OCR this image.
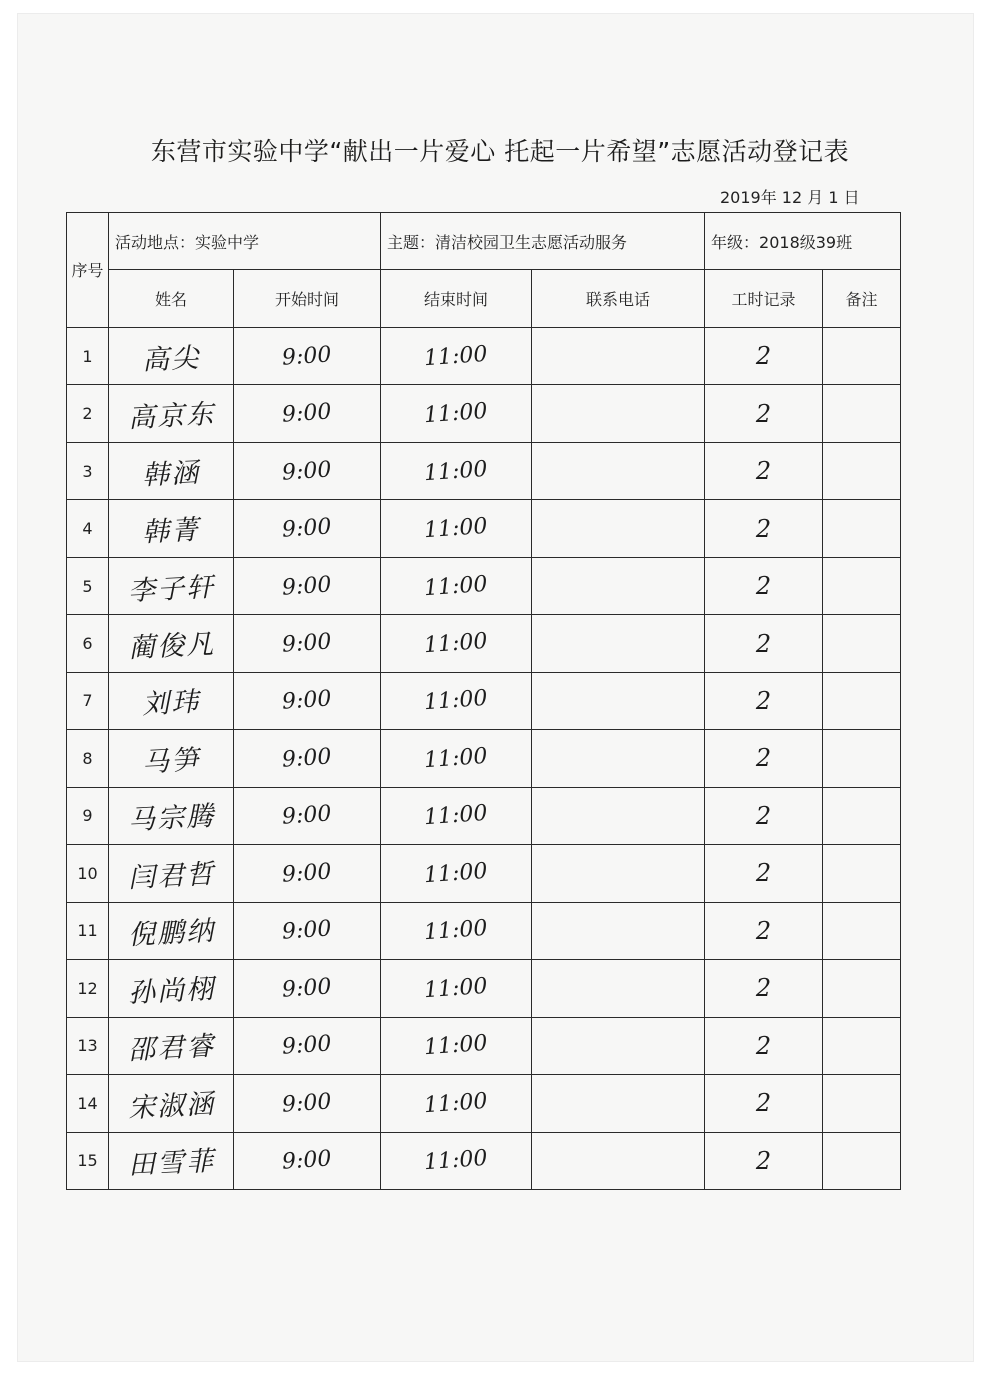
东营市实验中学“献出一片爱心 托起一片希望”志愿活动登记表
2019年 12 月 1 日
序号	活动地点：实验中学		主题：清洁校园卫生志愿活动服务		年级：2018级39班	
	姓名	开始时间	结束时间	联系电话	工时记录	备注
1	高尖	9:00	11:00		2	
2	高京东	9:00	11:00		2	
3	韩涵	9:00	11:00		2	
4	韩菁	9:00	11:00		2	
5	李子轩	9:00	11:00		2	
6	蔺俊凡	9:00	11:00		2	
7	刘玮	9:00	11:00		2	
8	马笋	9:00	11:00		2	
9	马宗腾	9:00	11:00		2	
10	闫君哲	9:00	11:00		2	
11	倪鹏纳	9:00	11:00		2	
12	孙尚栩	9:00	11:00		2	
13	邵君睿	9:00	11:00		2	
14	宋淑涵	9:00	11:00		2	
15	田雪菲	9:00	11:00		2	
